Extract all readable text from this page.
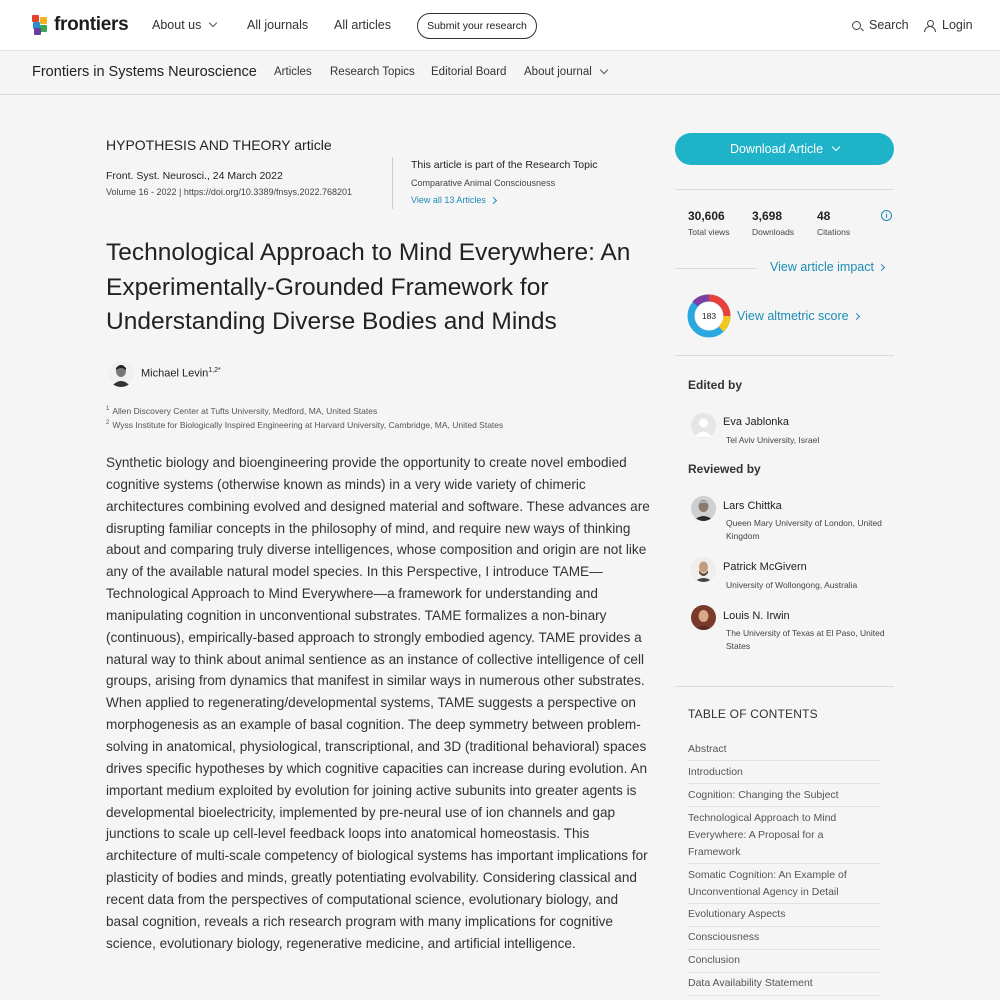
frontiers About us	All journals All articles	Submit your research	Search	Login
Frontiers in Systems Neuroscience Articles Research Topics Editorial Board About journal
HYPOTHESIS AND THEORY article
Front. Syst. Neurosci., 24 March 2022
Volume 16 - 2022 | https://doi.org/10.3389/fnsys.2022.768201
This article is part of the Research Topic
Comparative Animal Consciousness
View all 13 Articles
Technological Approach to Mind Everywhere: An Experimentally-Grounded Framework for Understanding Diverse Bodies and Minds
Michael Levin$^{1,2*}$
$^1$ Allen Discovery Center at Tufts University, Medford, MA, United States
$^2$ Wyss Institute for Biologically Inspired Engineering at Harvard University, Cambridge, MA, United States

Synthetic biology and bioengineering provide the opportunity to create novel embodied cognitive systems (otherwise known as minds) in a very wide variety of chimeric architectures combining evolved and designed material and software. These advances are disrupting familiar concepts in the philosophy of mind, and require new ways of thinking about and comparing truly diverse intelligences, whose composition and origin are not like any of the available natural model species. In this Perspective, I introduce TAME—Technological Approach to Mind Everywhere—a framework for understanding and manipulating cognition in unconventional substrates. TAME formalizes a non-binary (continuous), empirically-based approach to strongly embodied agency. TAME provides a natural way to think about animal sentience as an instance of collective intelligence of cell groups, arising from dynamics that manifest in similar ways in numerous other substrates. When applied to regenerating/developmental systems, TAME suggests a perspective on morphogenesis as an example of basal cognition. The deep symmetry between problem-solving in anatomical, physiological, transcriptional, and 3D (traditional behavioral) spaces drives specific hypotheses by which cognitive capacities can increase during evolution. An important medium exploited by evolution for joining active subunits into greater agents is developmental bioelectricity, implemented by pre-neural use of ion channels and gap junctions to scale up cell-level feedback loops into anatomical homeostasis. This architecture of multi-scale competency of biological systems has important implications for plasticity of bodies and minds, greatly potentiating evolvability. Considering classical and recent data from the perspectives of computational science, evolutionary biology, and basal cognition, reveals a rich research program with many implications for cognitive science, evolutionary biology, regenerative medicine, and artificial intelligence.

Download Article
30,606
Total views
3,698
Downloads
48
Citations
i
View article impact
183 View altmetric score
Edited by
Eva Jablonka
Tel Aviv University, Israel
Reviewed by
Lars Chittka
Queen Mary University of London, United Kingdom
Patrick McGivern
University of Wollongong, Australia
Louis N. Irwin
The University of Texas at El Paso, United States
TABLE OF CONTENTS
Abstract
Introduction
Cognition: Changing the Subject
Technological Approach to Mind Everywhere: A Proposal for a Framework
Somatic Cognition: An Example of Unconventional Agency in Detail
Evolutionary Aspects
Consciousness
Conclusion
Data Availability Statement
